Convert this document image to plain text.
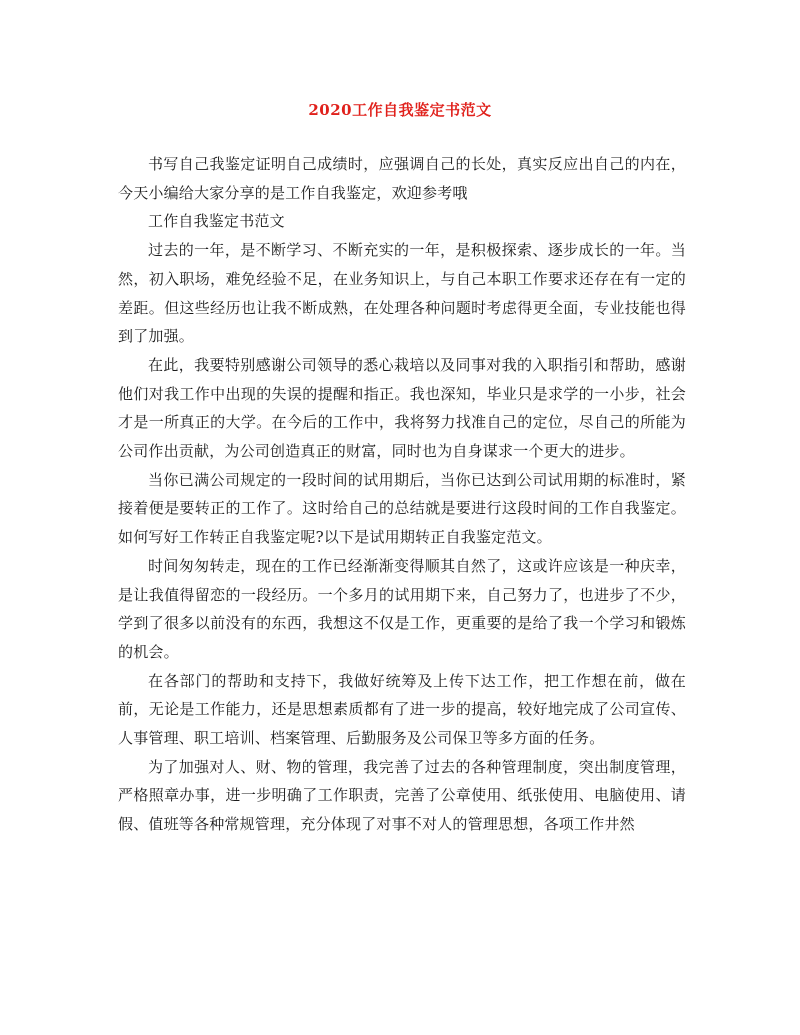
2020工作自我鉴定书范文

书写自己我鉴定证明自己成绩时，应强调自己的长处，真实反应出自己的内在，今天小编给大家分享的是工作自我鉴定，欢迎参考哦

工作自我鉴定书范文

过去的一年，是不断学习、不断充实的一年，是积极探索、逐步成长的一年。当然，初入职场，难免经验不足，在业务知识上，与自己本职工作要求还存在有一定的差距。但这些经历也让我不断成熟，在处理各种问题时考虑得更全面，专业技能也得到了加强。

在此，我要特别感谢公司领导的悉心栽培以及同事对我的入职指引和帮助，感谢他们对我工作中出现的失误的提醒和指正。我也深知，毕业只是求学的一小步，社会才是一所真正的大学。在今后的工作中，我将努力找准自己的定位，尽自己的所能为公司作出贡献，为公司创造真正的财富，同时也为自身谋求一个更大的进步。

当你已满公司规定的一段时间的试用期后，当你已达到公司试用期的标准时，紧接着便是要转正的工作了。这时给自己的总结就是要进行这段时间的工作自我鉴定。如何写好工作转正自我鉴定呢?以下是试用期转正自我鉴定范文。

时间匆匆转走，现在的工作已经渐渐变得顺其自然了，这或许应该是一种庆幸，是让我值得留恋的一段经历。一个多月的试用期下来，自己努力了，也进步了不少，学到了很多以前没有的东西，我想这不仅是工作，更重要的是给了我一个学习和锻炼的机会。

在各部门的帮助和支持下，我做好统筹及上传下达工作，把工作想在前，做在前，无论是工作能力，还是思想素质都有了进一步的提高，较好地完成了公司宣传、人事管理、职工培训、档案管理、后勤服务及公司保卫等多方面的任务。

为了加强对人、财、物的管理，我完善了过去的各种管理制度，突出制度管理，严格照章办事，进一步明确了工作职责，完善了公章使用、纸张使用、电脑使用、请假、值班等各种常规管理，充分体现了对事不对人的管理思想，各项工作井然
